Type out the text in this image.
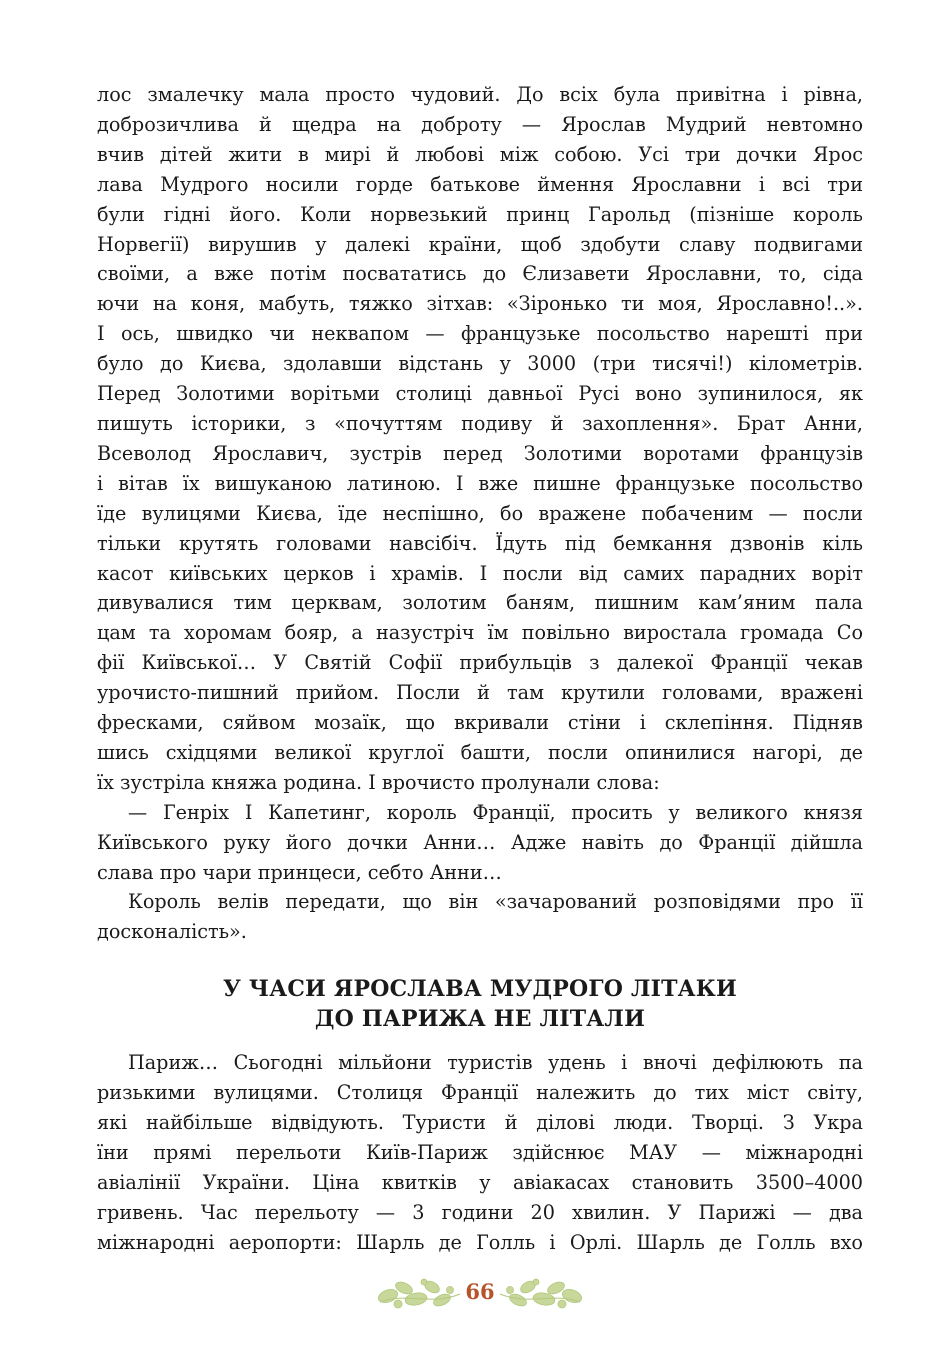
лос змалечку мала просто чудовий. До всіх була привітна і рівна,

доброзичлива й щедра на доброту — Ярослав Мудрий невтомно

вчив дітей жити в мирі й любові між собою. Усі три дочки Ярос

лава Мудрого носили горде батькове ймення Ярославни і всі три

були гідні його. Коли норвезький принц Гарольд (пізніше король

Норвегії) вирушив у далекі країни, щоб здобути славу подвигами

своїми, а вже потім посвататись до Єлизавети Ярославни, то, сіда

ючи на коня, мабуть, тяжко зітхав: «Зіронько ти моя, Ярославно!..».

І ось, швидко чи неквапом — французьке посольство нарешті при

було до Києва, здолавши відстань у 3000 (три тисячі!) кілометрів.

Перед Золотими ворітьми столиці давньої Русі воно зупинилося, як

пишуть історики, з «почуттям подиву й захоплення». Брат Анни,

Всеволод Ярославич, зустрів перед Золотими воротами французів

і вітав їх вишуканою латиною. І вже пишне французьке посольство

їде вулицями Києва, їде неспішно, бо вражене побаченим — посли

тільки крутять головами навсібіч. Їдуть під бемкання дзвонів кіль

касот київських церков і храмів. І посли від самих парадних воріт

дивувалися тим церквам, золотим баням, пишним кам’яним пала

цам та хоромам бояр, а назустріч їм повільно виростала громада Со

фії Київської… У Святій Софії прибульців з далекої Франції чекав

урочисто-пишний прийом. Посли й там крутили головами, вражені

фресками, сяйвом мозаїк, що вкривали стіни і склепіння. Підняв

шись східцями великої круглої башти, посли опинилися нагорі, де

їх зустріла княжа родина. І врочисто пролунали слова:

— Генріх І Капетинг, король Франції, просить у великого князя

Київського руку його дочки Анни… Адже навіть до Франції дійшла

слава про чари принцеси, себто Анни…

Король велів передати, що він «зачарований розповідями про її

досконалість».

У ЧАСИ ЯРОСЛАВА МУДРОГО ЛІТАКИ
ДО ПАРИЖА НЕ ЛІТАЛИ

Париж… Сьогодні мільйони туристів удень і вночі дефілюють па

ризькими вулицями. Столиця Франції належить до тих міст світу,

які найбільше відвідують. Туристи й ділові люди. Творці. З Укра

їни прямі перельоти Київ-Париж здійснює МАУ — міжнародні

авіалінії України. Ціна квитків у авіакасах становить 3500–4000

гривень. Час перельоту — 3 години 20 хвилин. У Парижі — два

міжнародні аеропорти: Шарль де Голль і Орлі. Шарль де Голль вхо

66
